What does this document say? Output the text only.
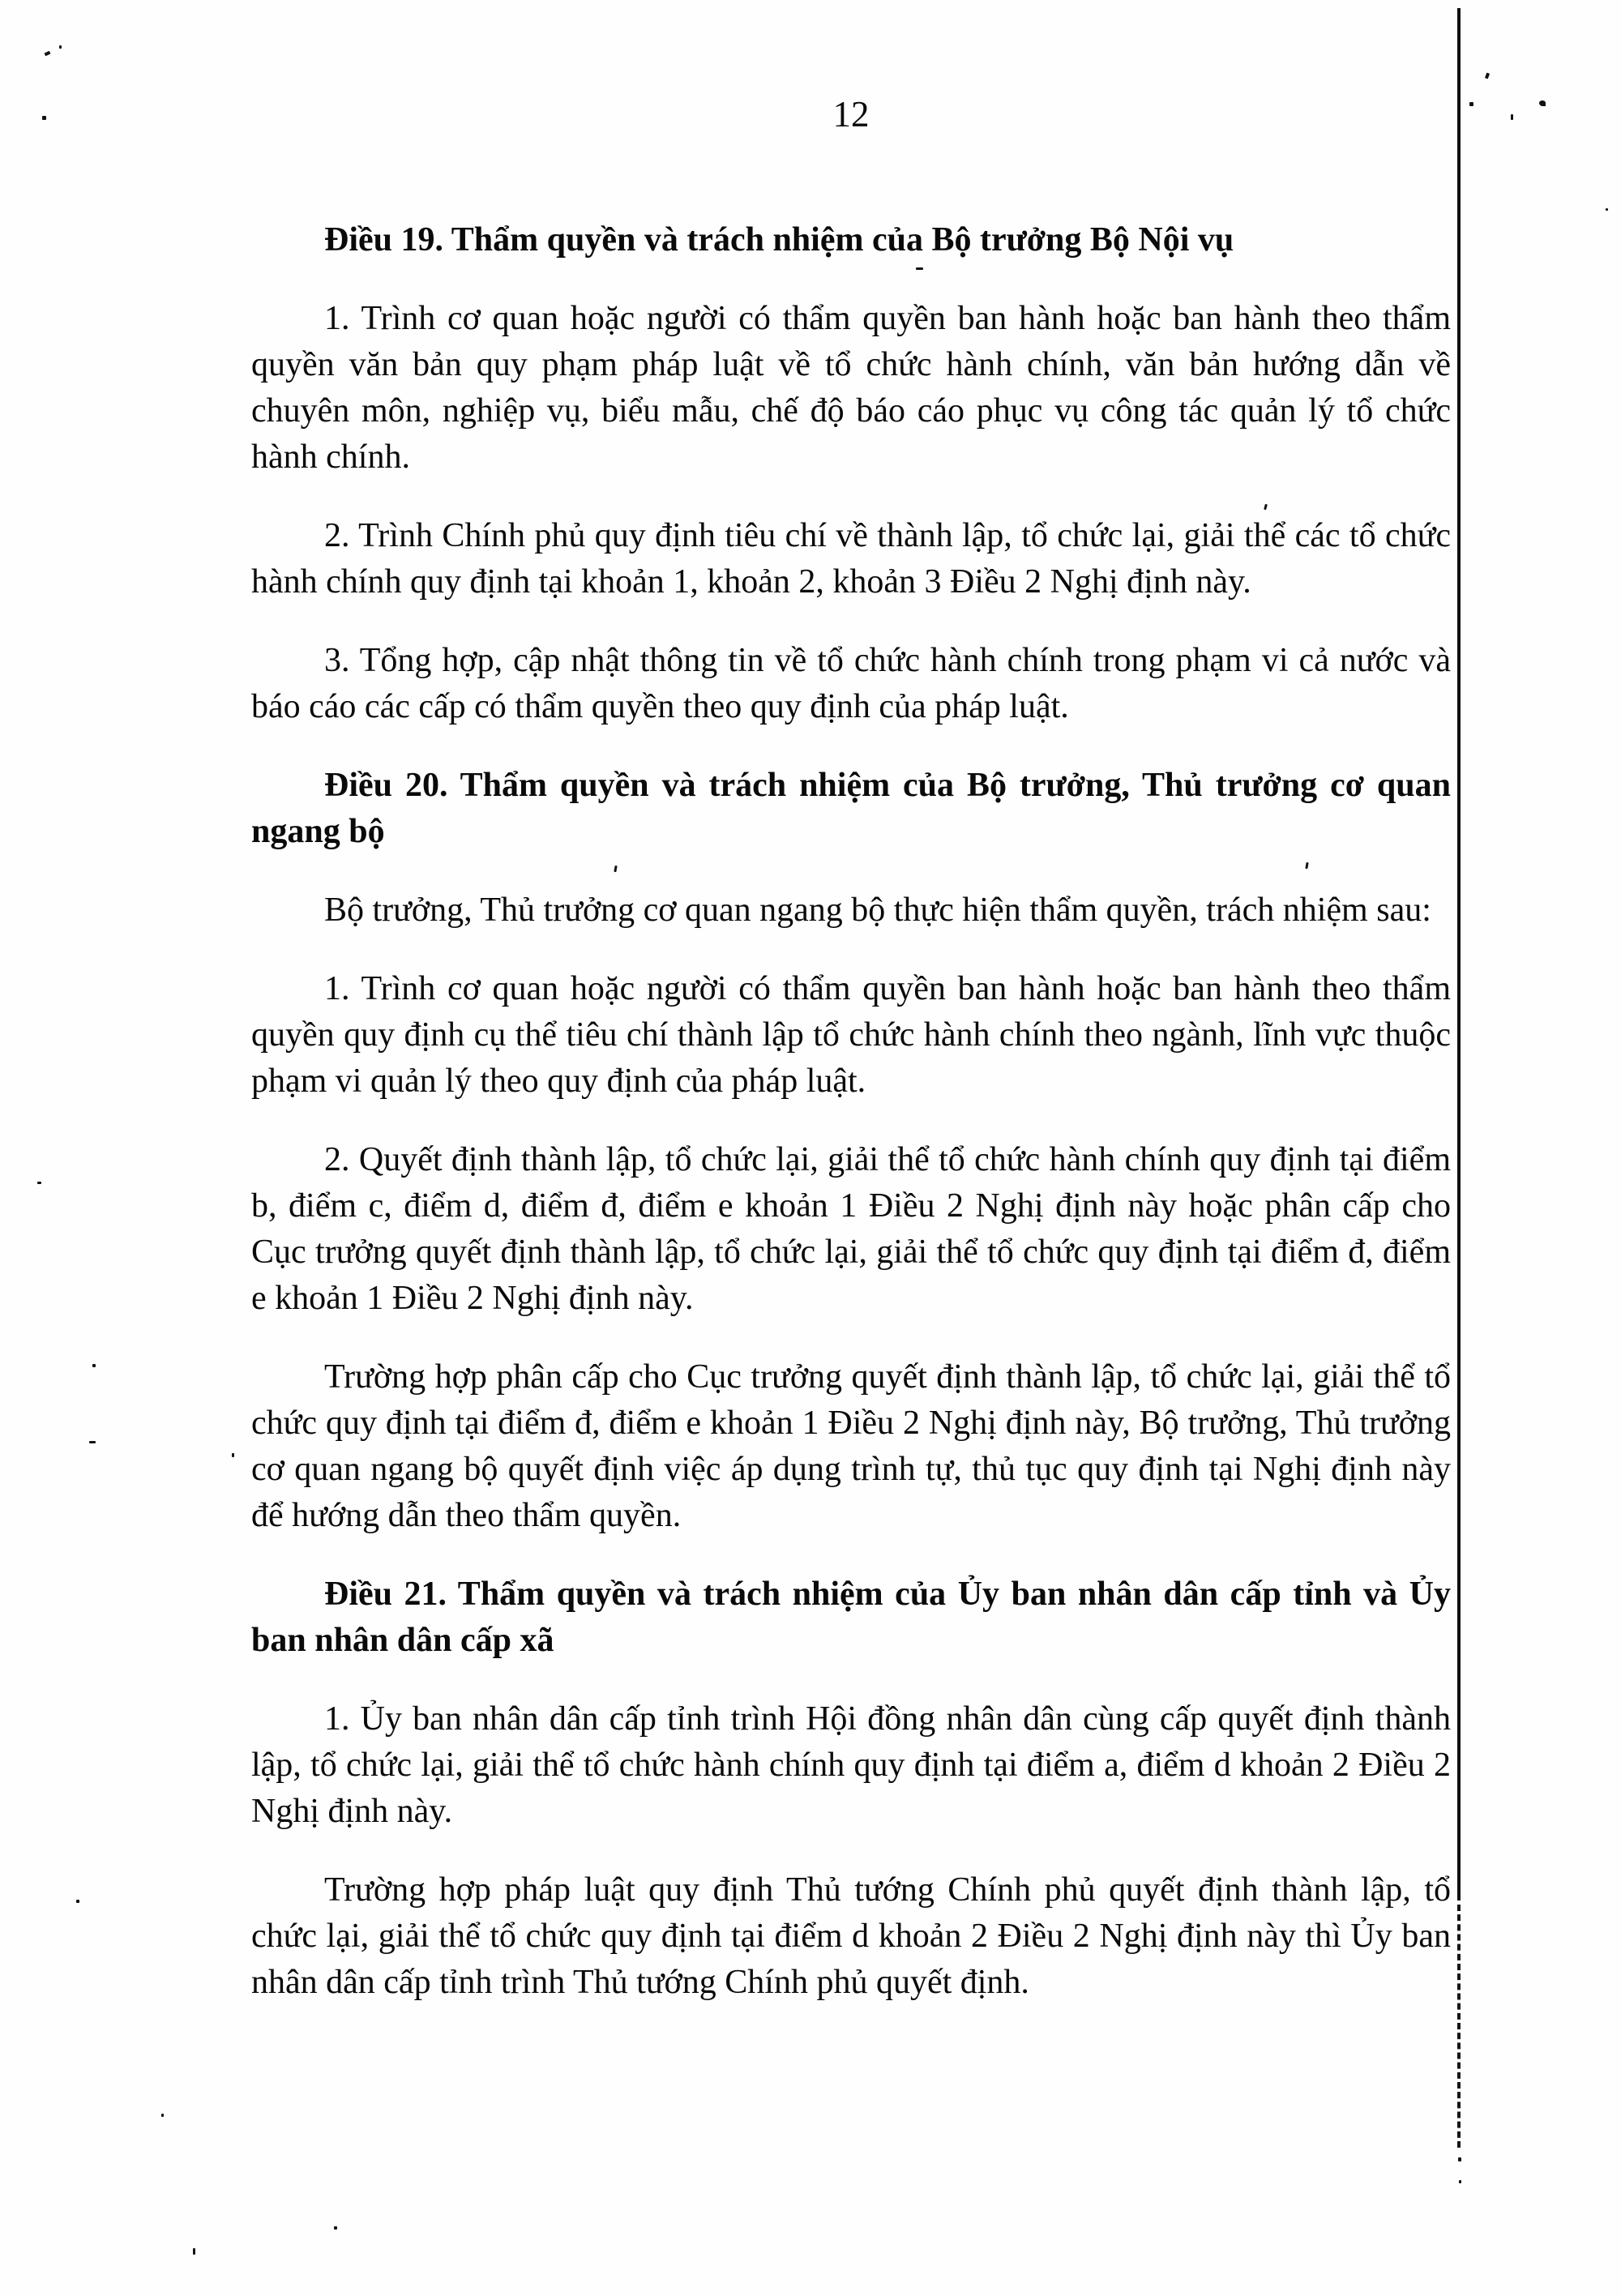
12
Điều 19. Thẩm quyền và trách nhiệm của Bộ trưởng Bộ Nội vụ

1. Trình cơ quan hoặc người có thẩm quyền ban hành hoặc ban hành theo thẩm quyền văn bản quy phạm pháp luật về tổ chức hành chính, văn bản hướng dẫn về chuyên môn, nghiệp vụ, biểu mẫu, chế độ báo cáo phục vụ công tác quản lý tổ chức hành chính.

2. Trình Chính phủ quy định tiêu chí về thành lập, tổ chức lại, giải thể các tổ chức hành chính quy định tại khoản 1, khoản 2, khoản 3 Điều 2 Nghị định này.

3. Tổng hợp, cập nhật thông tin về tổ chức hành chính trong phạm vi cả nước và báo cáo các cấp có thẩm quyền theo quy định của pháp luật.

Điều 20. Thẩm quyền và trách nhiệm của Bộ trưởng, Thủ trưởng cơ quan ngang bộ

Bộ trưởng, Thủ trưởng cơ quan ngang bộ thực hiện thẩm quyền, trách nhiệm sau:

1. Trình cơ quan hoặc người có thẩm quyền ban hành hoặc ban hành theo thẩm quyền quy định cụ thể tiêu chí thành lập tổ chức hành chính theo ngành, lĩnh vực thuộc phạm vi quản lý theo quy định của pháp luật.

2. Quyết định thành lập, tổ chức lại, giải thể tổ chức hành chính quy định tại điểm b, điểm c, điểm d, điểm đ, điểm e khoản 1 Điều 2 Nghị định này hoặc phân cấp cho Cục trưởng quyết định thành lập, tổ chức lại, giải thể tổ chức quy định tại điểm đ, điểm e khoản 1 Điều 2 Nghị định này.

Trường hợp phân cấp cho Cục trưởng quyết định thành lập, tổ chức lại, giải thể tổ chức quy định tại điểm đ, điểm e khoản 1 Điều 2 Nghị định này, Bộ trưởng, Thủ trưởng cơ quan ngang bộ quyết định việc áp dụng trình tự, thủ tục quy định tại Nghị định này để hướng dẫn theo thẩm quyền.

Điều 21. Thẩm quyền và trách nhiệm của Ủy ban nhân dân cấp tỉnh và Ủy ban nhân dân cấp xã

1. Ủy ban nhân dân cấp tỉnh trình Hội đồng nhân dân cùng cấp quyết định thành lập, tổ chức lại, giải thể tổ chức hành chính quy định tại điểm a, điểm d khoản 2 Điều 2 Nghị định này.

Trường hợp pháp luật quy định Thủ tướng Chính phủ quyết định thành lập, tổ chức lại, giải thể tổ chức quy định tại điểm d khoản 2 Điều 2 Nghị định này thì Ủy ban nhân dân cấp tỉnh trình Thủ tướng Chính phủ quyết định.
